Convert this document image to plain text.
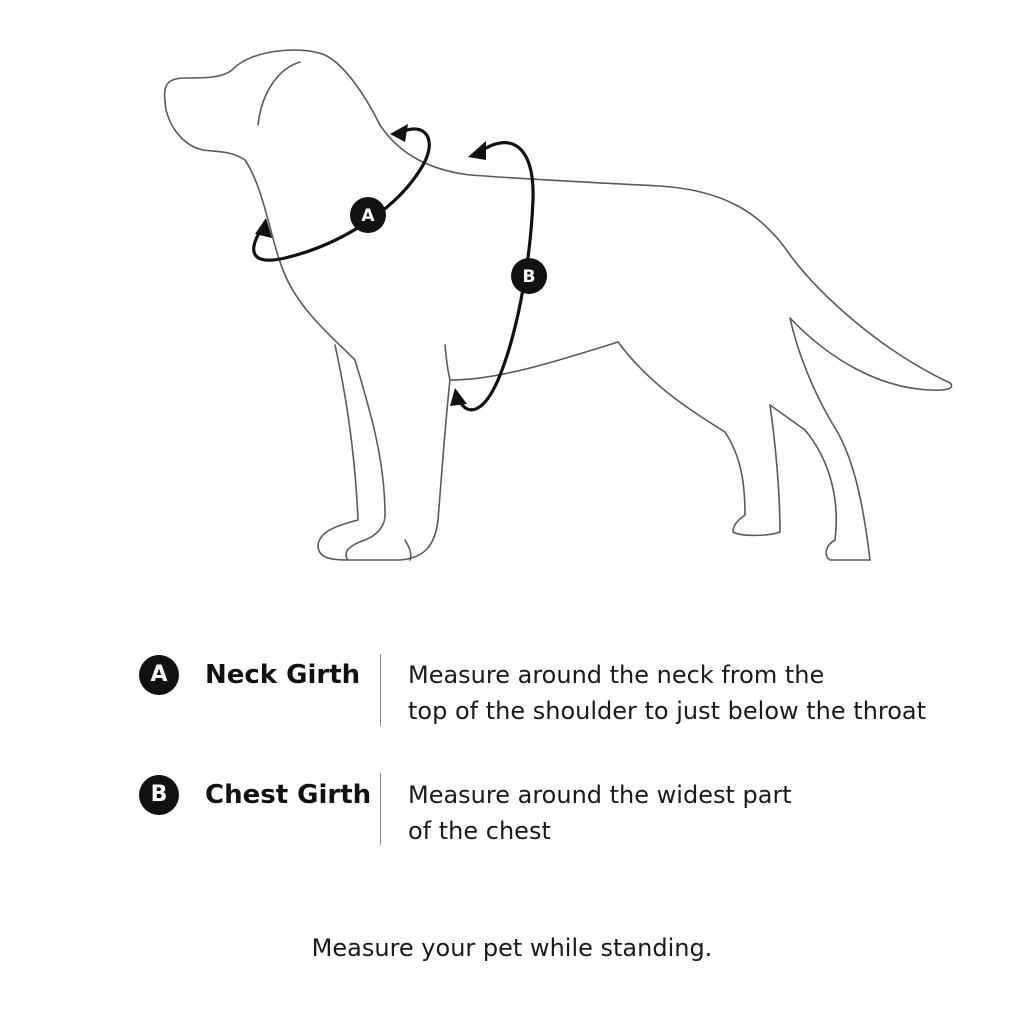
A
B
A	Neck Girth Measure around the neck from the
top of the shoulder to just below the throat
B	Chest Girth Measure around the widest part
of the chest
Measure your pet while standing.
